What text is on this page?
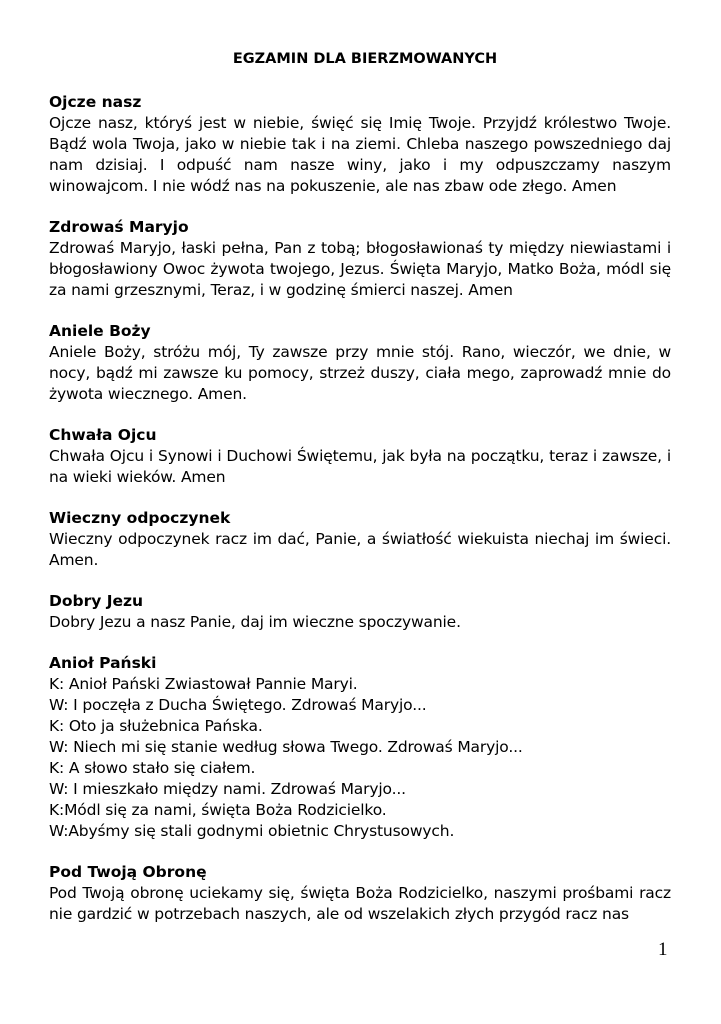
EGZAMIN DLA BIERZMOWANYCH
Ojcze nasz
Ojcze nasz, któryś jest w niebie, święć się Imię Twoje. Przyjdź królestwo Twoje. Bądź wola Twoja, jako w niebie tak i na ziemi. Chleba naszego powszedniego daj nam dzisiaj. I odpuść nam nasze winy, jako i my odpuszczamy naszym winowajcom. I nie wódź nas na pokuszenie, ale nas zbaw ode złego. Amen
Zdrowaś Maryjo
Zdrowaś Maryjo, łaski pełna, Pan z tobą; błogosławionaś ty między niewiastami i błogosławiony Owoc żywota twojego, Jezus. Święta Maryjo, Matko Boża, módl się za nami grzesznymi, Teraz, i w godzinę śmierci naszej. Amen
Aniele Boży
Aniele Boży, stróżu mój, Ty zawsze przy mnie stój. Rano, wieczór, we dnie, w nocy, bądź mi zawsze ku pomocy, strzeż duszy, ciała mego, zaprowadź mnie do żywota wiecznego. Amen.
Chwała Ojcu
Chwała Ojcu i Synowi i Duchowi Świętemu, jak była na początku, teraz i zawsze, i na wieki wieków. Amen
Wieczny odpoczynek
Wieczny odpoczynek racz im dać, Panie, a światłość wiekuista niechaj im świeci. Amen.
Dobry Jezu
Dobry Jezu a nasz Panie, daj im wieczne spoczywanie.
Anioł Pański
K: Anioł Pański Zwiastował Pannie Maryi.
W: I poczęła z Ducha Świętego. Zdrowaś Maryjo...
K: Oto ja służebnica Pańska.
W: Niech mi się stanie według słowa Twego. Zdrowaś Maryjo...
K: A słowo stało się ciałem.
W: I mieszkało między nami. Zdrowaś Maryjo...
K:Módl się za nami, święta Boża Rodzicielko.
W:Abyśmy się stali godnymi obietnic Chrystusowych.
Pod Twoją Obronę
Pod Twoją obronę uciekamy się, święta Boża Rodzicielko, naszymi prośbami racz nie gardzić w potrzebach naszych, ale od wszelakich złych przygód racz nas
1
